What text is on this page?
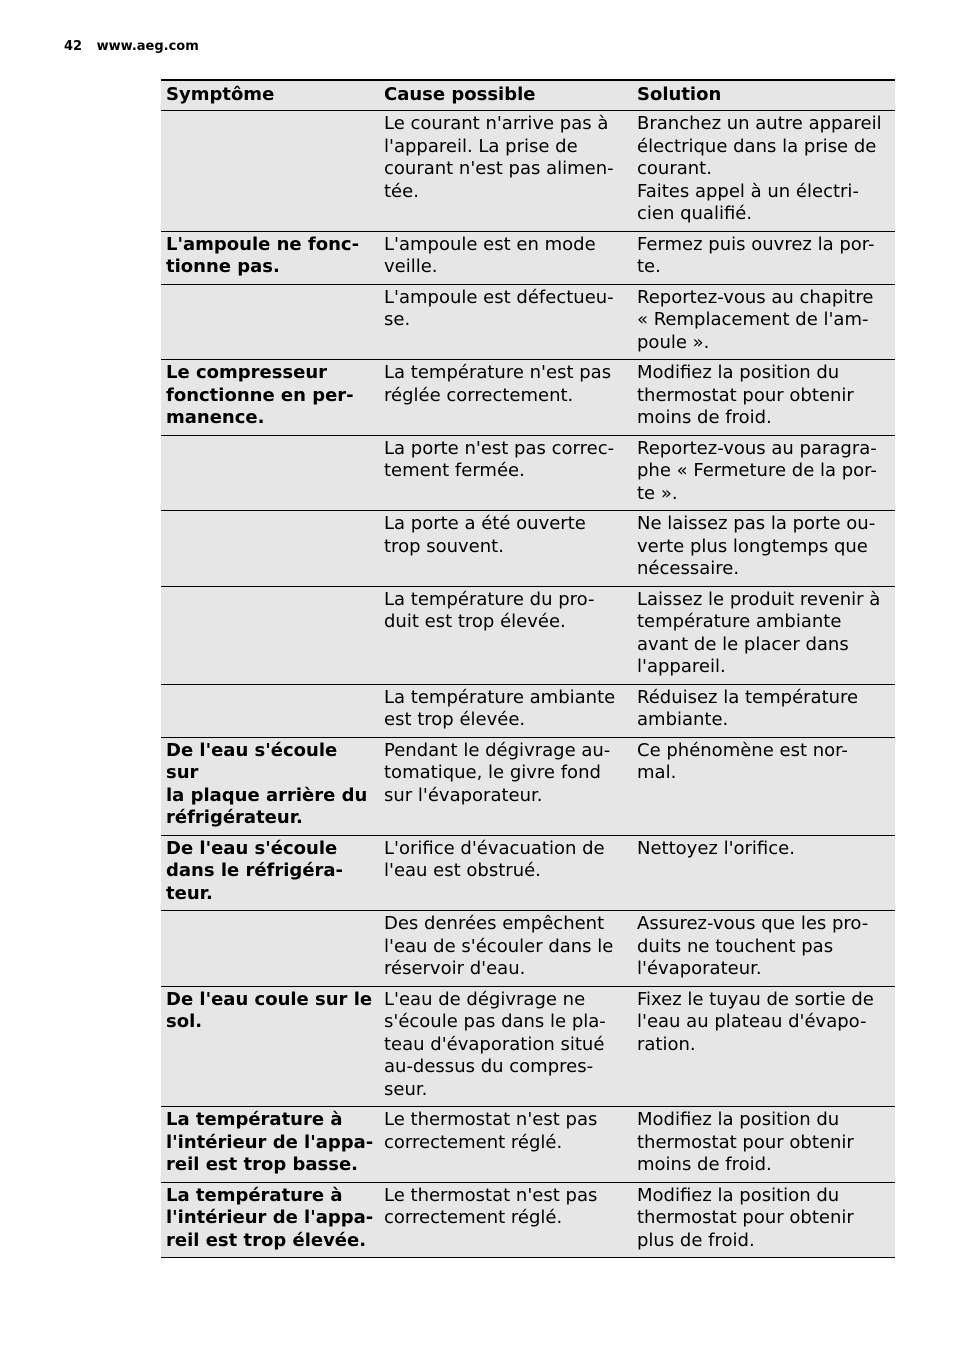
42 www.aeg.com
Symptôme	Cause possible	Solution
	Le courant n'arrive pas à
l'appareil. La prise de
courant n'est pas alimen-
tée.	Branchez un autre appareil
électrique dans la prise de
courant.
Faites appel à un électri-
cien qualifié.
L'ampoule ne fonc-
tionne pas.	L'ampoule est en mode
veille.	Fermez puis ouvrez la por-
te.
	L'ampoule est défectueu-
se.	Reportez-vous au chapitre
« Remplacement de l'am-
poule ».
Le compresseur
fonctionne en per-
manence.	La température n'est pas
réglée correctement.	Modifiez la position du
thermostat pour obtenir
moins de froid.
	La porte n'est pas correc-
tement fermée.	Reportez-vous au paragra-
phe « Fermeture de la por-
te ».
	La porte a été ouverte
trop souvent.	Ne laissez pas la porte ou-
verte plus longtemps que
nécessaire.
	La température du pro-
duit est trop élevée.	Laissez le produit revenir à
température ambiante
avant de le placer dans
l'appareil.
	La température ambiante
est trop élevée.	Réduisez la température
ambiante.
De l'eau s'écoule sur
la plaque arrière du
réfrigérateur.	Pendant le dégivrage au-
tomatique, le givre fond
sur l'évaporateur.	Ce phénomène est nor-
mal.
De l'eau s'écoule
dans le réfrigéra-
teur.	L'orifice d'évacuation de
l'eau est obstrué.	Nettoyez l'orifice.
	Des denrées empêchent
l'eau de s'écouler dans le
réservoir d'eau.	Assurez-vous que les pro-
duits ne touchent pas
l'évaporateur.
De l'eau coule sur le
sol.	L'eau de dégivrage ne
s'écoule pas dans le pla-
teau d'évaporation situé
au-dessus du compres-
seur.	Fixez le tuyau de sortie de
l'eau au plateau d'évapo-
ration.
La température à
l'intérieur de l'appa-
reil est trop basse.	Le thermostat n'est pas
correctement réglé.	Modifiez la position du
thermostat pour obtenir
moins de froid.
La température à
l'intérieur de l'appa-
reil est trop élevée.	Le thermostat n'est pas
correctement réglé.	Modifiez la position du
thermostat pour obtenir
plus de froid.
